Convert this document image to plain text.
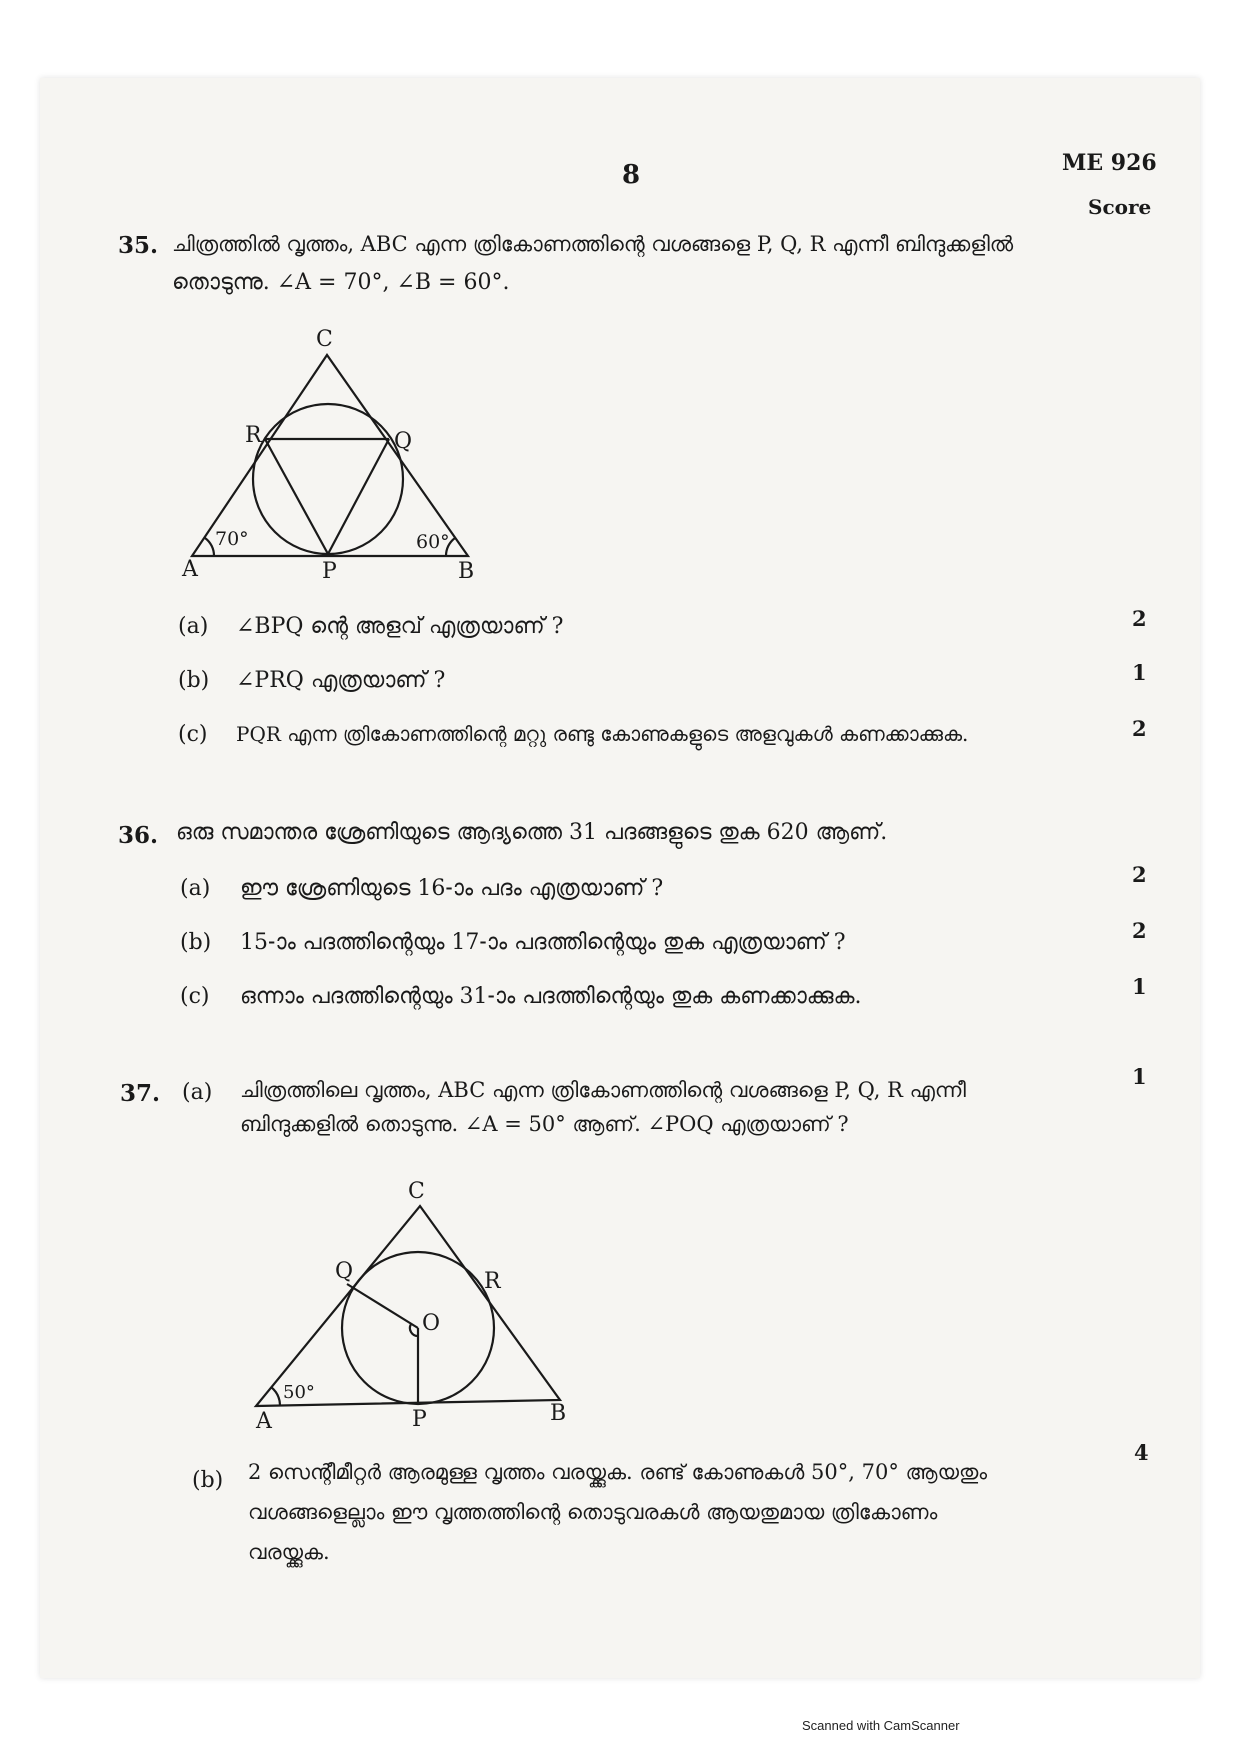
8	ME 926
Score
35. ചിത്രത്തിൽ വൃത്തം, ABC എന്ന ത്രികോണത്തിന്റെ വശങ്ങളെ P, Q, R എന്നീ ബിന്ദുക്കളിൽ
തൊടുന്നു. ∠A = 70°, ∠B = 60°.
C
R	Q
A	P	B
70°	60°
(a) ∠BPQ ന്റെ അളവ് എത്രയാണ് ?	2
(b) ∠PRQ എത്രയാണ് ?	1
(c) PQR എന്ന ത്രികോണത്തിന്റെ മറ്റു രണ്ടു കോണുകളുടെ അളവുകൾ കണക്കാക്കുക.	2
36. ഒരു സമാന്തര ശ്രേണിയുടെ ആദ്യത്തെ 31 പദങ്ങളുടെ തുക 620 ആണ്.
(a) ഈ ശ്രേണിയുടെ 16-ാം പദം എത്രയാണ് ?
2
(b) 15-ാം പദത്തിന്റെയും 17-ാം പദത്തിന്റെയും തുക എത്രയാണ് ?	2
(c) ഒന്നാം പദത്തിന്റെയും 31-ാം പദത്തിന്റെയും തുക കണക്കാക്കുക.	1
37. (a) ചിത്രത്തിലെ വൃത്തം, ABC എന്ന ത്രികോണത്തിന്റെ വശങ്ങളെ P, Q, R എന്നീ
ബിന്ദുക്കളിൽ തൊടുന്നു. ∠A = 50° ആണ്. ∠POQ എത്രയാണ് ?
1
C
Q	R
O
A	P	B
50°
(b) 2 സെന്റീമീറ്റർ ആരമുള്ള വൃത്തം വരയ്ക്കുക. രണ്ട് കോണുകൾ 50°, 70° ആയതും
വശങ്ങളെല്ലാം ഈ വൃത്തത്തിന്റെ തൊടുവരകൾ ആയതുമായ ത്രികോണം
വരയ്ക്കുക.
4
Scanned with CamScanner
